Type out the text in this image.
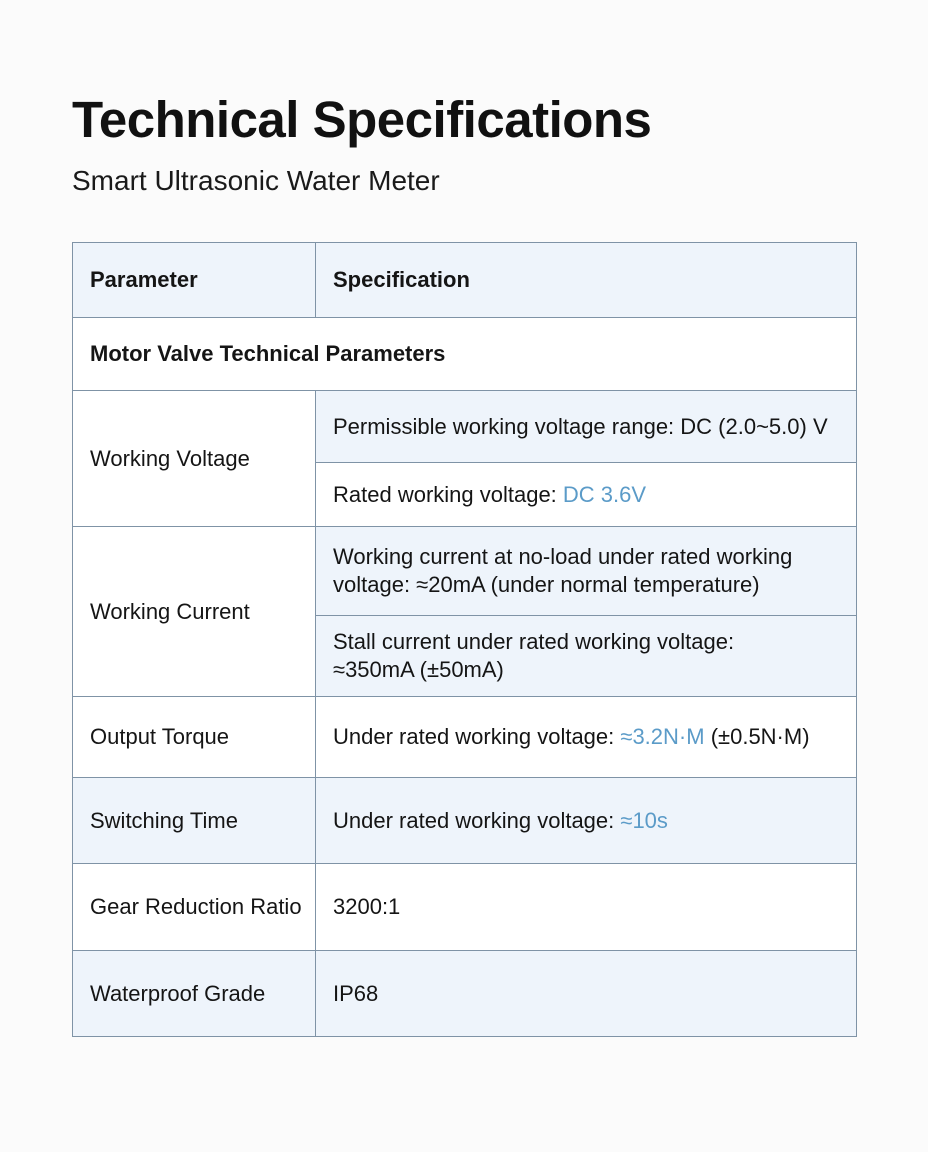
Technical Specifications
Smart Ultrasonic Water Meter
Parameter	Specification
Motor Valve Technical Parameters	
Working Voltage	Permissible working voltage range: DC (2.0~5.0) V
	Rated working voltage: DC 3.6V
Working Current	Working current at no-load under rated working
voltage: ≈20mA (under normal temperature)
	Stall current under rated working voltage:
≈350mA (±50mA)
Output Torque	Under rated working voltage: ≈3.2N·M (±0.5N·M)
Switching Time	Under rated working voltage: ≈10s
Gear Reduction Ratio	3200:1
Waterproof Grade	IP68
